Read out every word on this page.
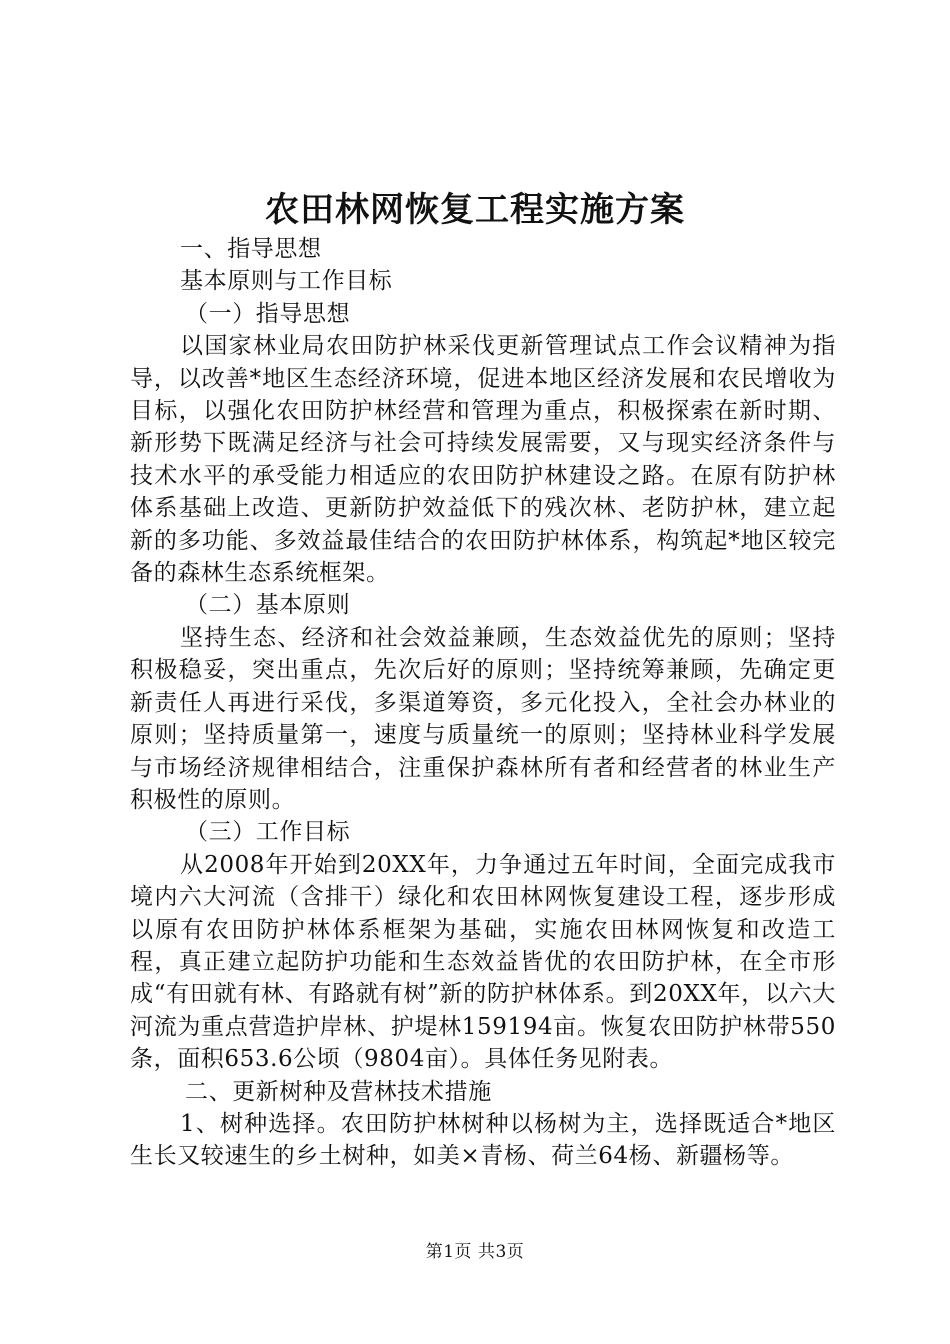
农田林网恢复工程实施方案

一、指导思想

基本原则与工作目标

（一）指导思想

以国家林业局农田防护林采伐更新管理试点工作会议精神为指导，以改善*地区生态经济环境，促进本地区经济发展和农民增收为目标，以强化农田防护林经营和管理为重点，积极探索在新时期、新形势下既满足经济与社会可持续发展需要，又与现实经济条件与技术水平的承受能力相适应的农田防护林建设之路。在原有防护林体系基础上改造、更新防护效益低下的残次林、老防护林，建立起新的多功能、多效益最佳结合的农田防护林体系，构筑起*地区较完备的森林生态系统框架。

（二）基本原则

坚持生态、经济和社会效益兼顾，生态效益优先的原则；坚持积极稳妥，突出重点，先次后好的原则；坚持统筹兼顾，先确定更新责任人再进行采伐，多渠道筹资，多元化投入，全社会办林业的原则；坚持质量第一，速度与质量统一的原则；坚持林业科学发展与市场经济规律相结合，注重保护森林所有者和经营者的林业生产积极性的原则。

（三）工作目标

从2008年开始到20XX年，力争通过五年时间，全面完成我市境内六大河流（含排干）绿化和农田林网恢复建设工程，逐步形成以原有农田防护林体系框架为基础，实施农田林网恢复和改造工程，真正建立起防护功能和生态效益皆优的农田防护林，在全市形成“有田就有林、有路就有树”新的防护林体系。到20XX年，以六大河流为重点营造护岸林、护堤林159194亩。恢复农田防护林带550条，面积653.6公顷（9804亩）。具体任务见附表。

二、更新树种及营林技术措施

1、树种选择。农田防护林树种以杨树为主，选择既适合*地区生长又较速生的乡土树种，如美×青杨、荷兰64杨、新疆杨等。

第1页 共3页
